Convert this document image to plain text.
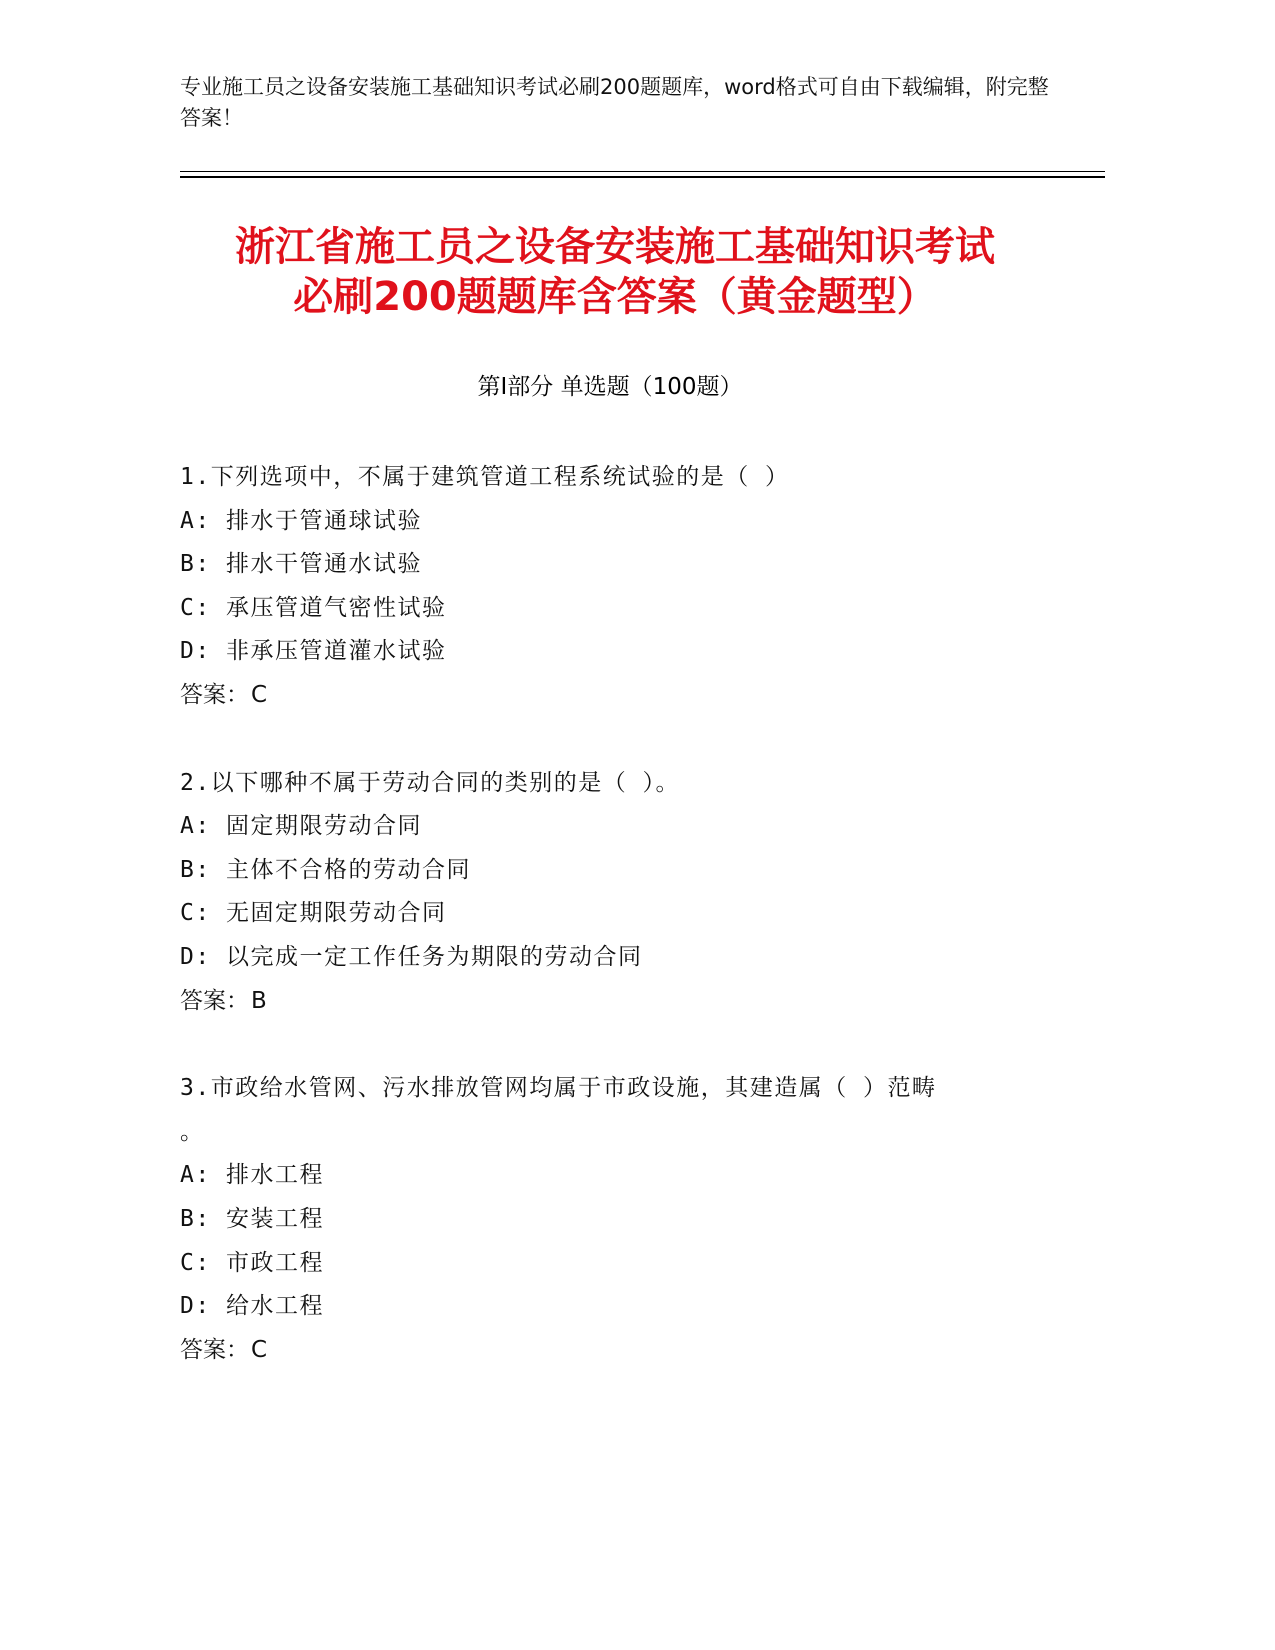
专业施工员之设备安装施工基础知识考试必刷200题题库，word格式可自由下载编辑，附完整答案！
浙江省施工员之设备安装施工基础知识考试
必刷200题题库含答案（黄金题型）
第Ⅰ部分 单选题（100题）
1.下列选项中，不属于建筑管道工程系统试验的是（ ）
A: 排水于管通球试验
B: 排水干管通水试验
C: 承压管道气密性试验
D: 非承压管道灌水试验
答案：C
2.以下哪种不属于劳动合同的类别的是（ ）。
A: 固定期限劳动合同
B: 主体不合格的劳动合同
C: 无固定期限劳动合同
D: 以完成一定工作任务为期限的劳动合同
答案：B
3.市政给水管网、污水排放管网均属于市政设施，其建造属（ ）范畴
。
A: 排水工程
B: 安装工程
C: 市政工程
D: 给水工程
答案：C
